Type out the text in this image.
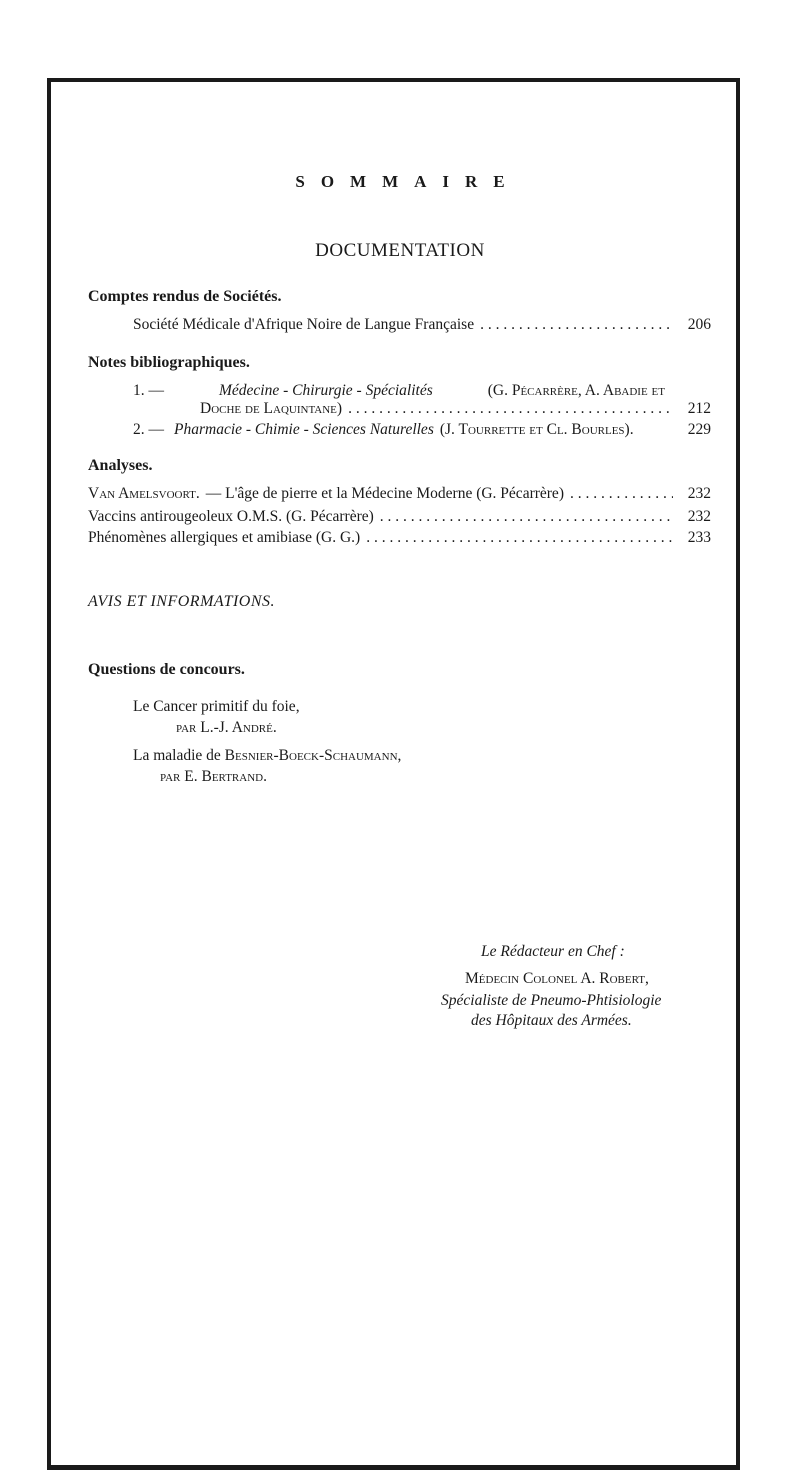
SOMMAIRE
DOCUMENTATION
Comptes rendus de Sociétés.
Société Médicale d'Afrique Noire de Langue Française . . .	206
Notes bibliographiques.
1. —	Médecine - Chirurgie - Spécialités	(G. Pécarrère, A. Abadie et
Doche de Laquintane) . . .	212
2. — Pharmacie - Chimie - Sciences Naturelles (J. Tourrette et Cl. Bourles).	229
Analyses.
Van Amelsvoort. — L'âge de pierre et la Médecine Moderne (G. Pécarrère) . . .	232
Vaccins antirougeoleux O.M.S. (G. Pécarrère) . . .	232
Phénomènes allergiques et amibiase (G. G.) . . .	233
AVIS ET INFORMATIONS.
Questions de concours.
Le Cancer primitif du foie,
par L.-J. André.
La maladie de Besnier-Boeck-Schaumann,
par E. Bertrand.
Le Rédacteur en Chef :
Médecin Colonel A. Robert,
Spécialiste de Pneumo-Phtisiologie
des Hôpitaux des Armées.
